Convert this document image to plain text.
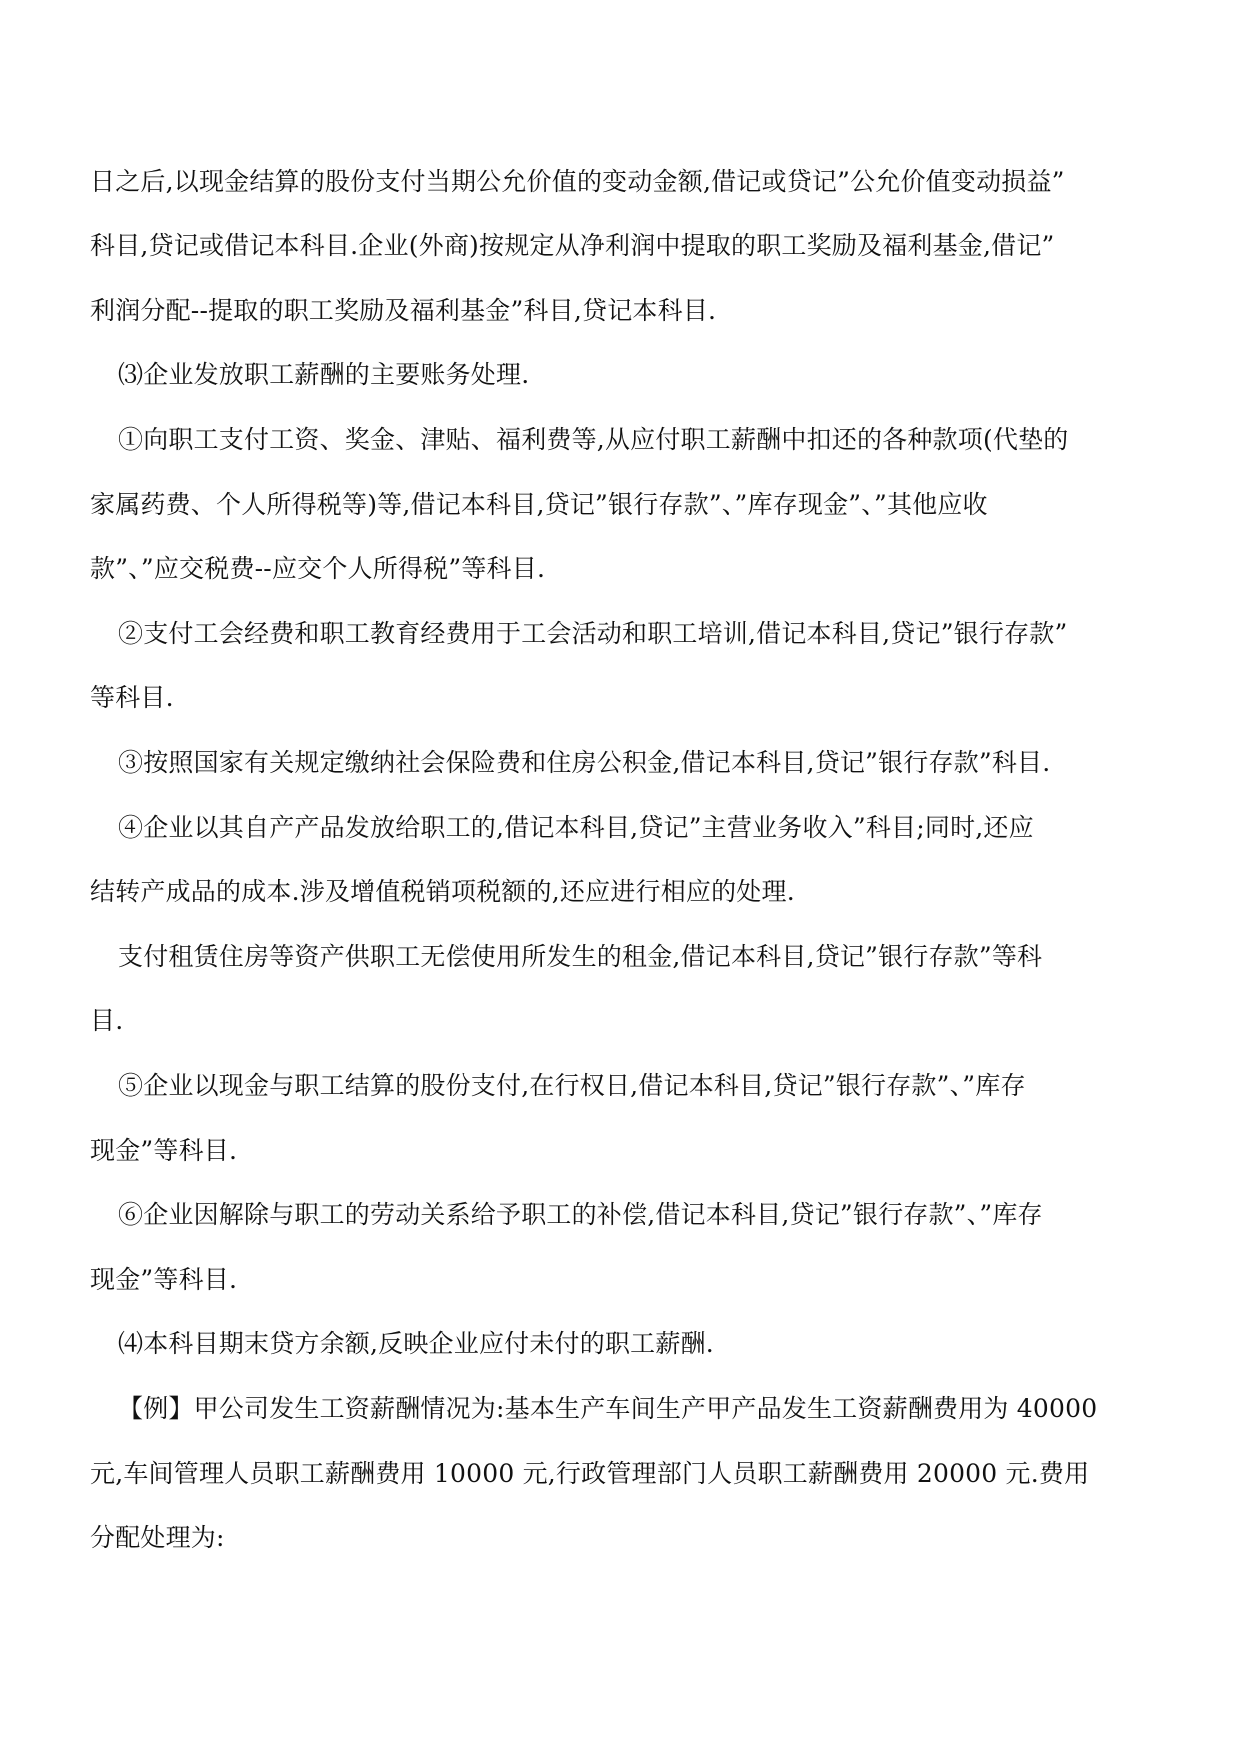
日之后,以现金结算的股份支付当期公允价值的变动金额,借记或贷记”公允价值变动损益”
科目,贷记或借记本科目.企业(外商)按规定从净利润中提取的职工奖励及福利基金,借记”
利润分配--提取的职工奖励及福利基金”科目,贷记本科目.
⑶企业发放职工薪酬的主要账务处理.
①向职工支付工资、奖金、津贴、福利费等,从应付职工薪酬中扣还的各种款项(代垫的
家属药费、个人所得税等)等,借记本科目,贷记”银行存款”、”库存现金”、”其他应收
款”、”应交税费--应交个人所得税”等科目.
②支付工会经费和职工教育经费用于工会活动和职工培训,借记本科目,贷记”银行存款”
等科目.
③按照国家有关规定缴纳社会保险费和住房公积金,借记本科目,贷记”银行存款”科目.
④企业以其自产产品发放给职工的,借记本科目,贷记”主营业务收入”科目;同时,还应
结转产成品的成本.涉及增值税销项税额的,还应进行相应的处理.
支付租赁住房等资产供职工无偿使用所发生的租金,借记本科目,贷记”银行存款”等科
目.
⑤企业以现金与职工结算的股份支付,在行权日,借记本科目,贷记”银行存款”、”库存
现金”等科目.
⑥企业因解除与职工的劳动关系给予职工的补偿,借记本科目,贷记”银行存款”、”库存
现金”等科目.
⑷本科目期末贷方余额,反映企业应付未付的职工薪酬.
【例】甲公司发生工资薪酬情况为:基本生产车间生产甲产品发生工资薪酬费用为 40000
元,车间管理人员职工薪酬费用 10000 元,行政管理部门人员职工薪酬费用 20000 元.费用
分配处理为:
